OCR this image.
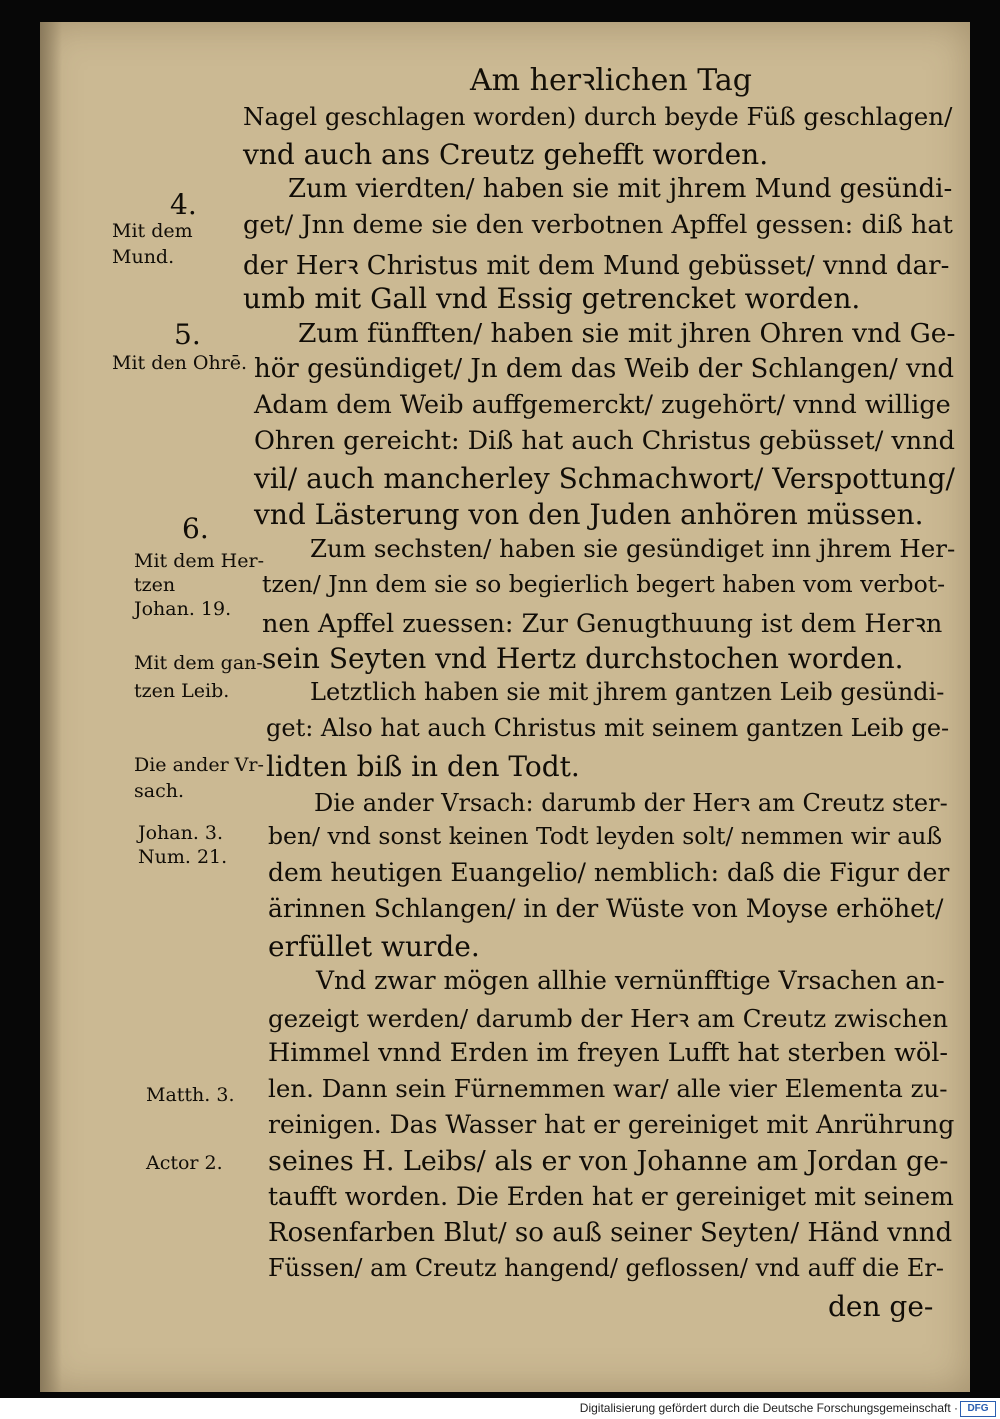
Am herꝛlichen Tag
Nagel geschlagen worden) durch beyde Füß geschlagen/
vnd auch ans Creutz gehefft worden.
Zum vierdten/ haben sie mit jhrem Mund gesündi-
get/ Jnn deme sie den verbotnen Apffel gessen: diß hat
der Herꝛ Christus mit dem Mund gebüsset/ vnnd dar-
umb mit Gall vnd Essig getrencket worden.
Zum fünfften/ haben sie mit jhren Ohren vnd Ge-
hör gesündiget/ Jn dem das Weib der Schlangen/ vnd
Adam dem Weib auffgemerckt/ zugehört/ vnnd willige
Ohren gereicht: Diß hat auch Christus gebüsset/ vnnd
vil/ auch mancherley Schmachwort/ Verspottung/
vnd Lästerung von den Juden anhören müssen.
Zum sechsten/ haben sie gesündiget inn jhrem Her-
tzen/ Jnn dem sie so begierlich begert haben vom verbot-
nen Apffel zuessen: Zur Genugthuung ist dem Herꝛn
sein Seyten vnd Hertz durchstochen worden.
Letztlich haben sie mit jhrem gantzen Leib gesündi-
get: Also hat auch Christus mit seinem gantzen Leib ge-
lidten biß in den Todt.
Die ander Vrsach: darumb der Herꝛ am Creutz ster-
ben/ vnd sonst keinen Todt leyden solt/ nemmen wir auß
dem heutigen Euangelio/ nemblich: daß die Figur der
ärinnen Schlangen/ in der Wüste von Moyse erhöhet/
erfüllet wurde.
Vnd zwar mögen allhie vernünfftige Vrsachen an-
gezeigt werden/ darumb der Herꝛ am Creutz zwischen
Himmel vnnd Erden im freyen Lufft hat sterben wöl-
len. Dann sein Fürnemmen war/ alle vier Elementa zu-
reinigen. Das Wasser hat er gereiniget mit Anrührung
seines H. Leibs/ als er von Johanne am Jordan ge-
taufft worden. Die Erden hat er gereiniget mit seinem
Rosenfarben Blut/ so auß seiner Seyten/ Händ vnnd
Füssen/ am Creutz hangend/ geflossen/ vnd auff die Er-
den ge-
4.
5.
6.
Mit dem
Mund.
Mit den Ohrē.
Mit dem Her-
tzen
Johan. 19.
Mit dem gan-
tzen Leib.
Die ander Vr-
sach.
Johan. 3.
Num. 21.
Matth. 3.
Actor 2.
Digitalisierung gefördert durch die Deutsche Forschungsgemeinschaft · DFG
